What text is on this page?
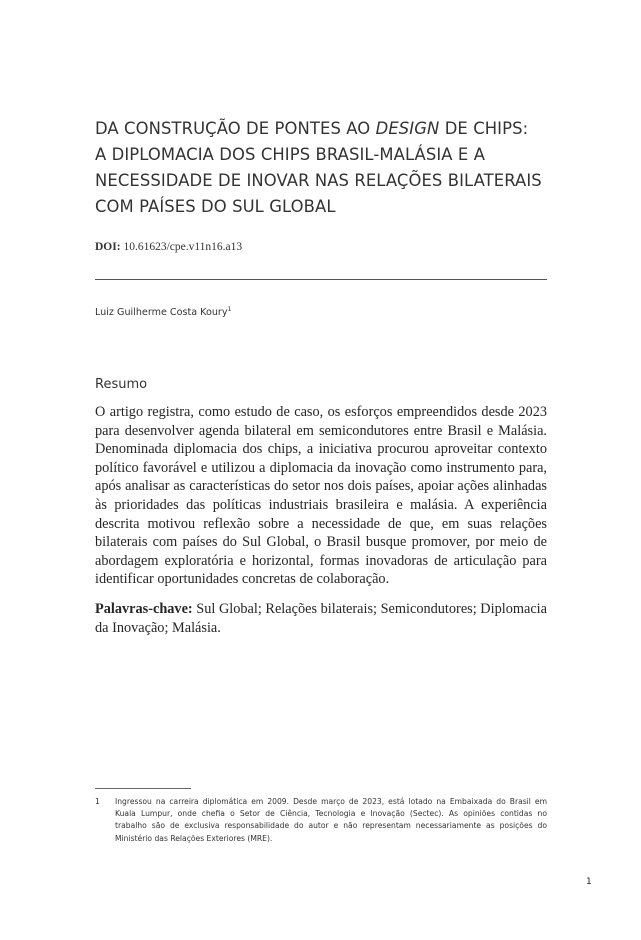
DA CONSTRUÇÃO DE PONTES AO DESIGN DE CHIPS:
A DIPLOMACIA DOS CHIPS BRASIL-MALÁSIA E A
NECESSIDADE DE INOVAR NAS RELAÇÕES BILATERAIS
COM PAÍSES DO SUL GLOBAL
DOI: 10.61623/cpe.v11n16.a13
Luiz Guilherme Costa Koury$^1$
Resumo
O artigo registra, como estudo de caso, os esforços empreendidos desde 2023
para desenvolver agenda bilateral em semicondutores entre Brasil e Malásia.
Denominada diplomacia dos chips, a iniciativa procurou aproveitar contexto
político favorável e utilizou a diplomacia da inovação como instrumento para,
após analisar as características do setor nos dois países, apoiar ações alinhadas
às prioridades das políticas industriais brasileira e malásia. A experiência
descrita motivou reflexão sobre a necessidade de que, em suas relações
bilaterais com países do Sul Global, o Brasil busque promover, por meio de
abordagem exploratória e horizontal, formas inovadoras de articulação para
identificar oportunidades concretas de colaboração.
Palavras-chave: Sul Global; Relações bilaterais; Semicondutores; Diplomacia
da Inovação; Malásia.
1 Ingressou na carreira diplomática em 2009. Desde março de 2023, está lotado na Embaixada do Brasil em
Kuala Lumpur, onde chefia o Setor de Ciência, Tecnologia e Inovação (Sectec). As opiniões contidas no
trabalho são de exclusiva responsabilidade do autor e não representam necessariamente as posições do
Ministério das Relações Exteriores (MRE).
1
